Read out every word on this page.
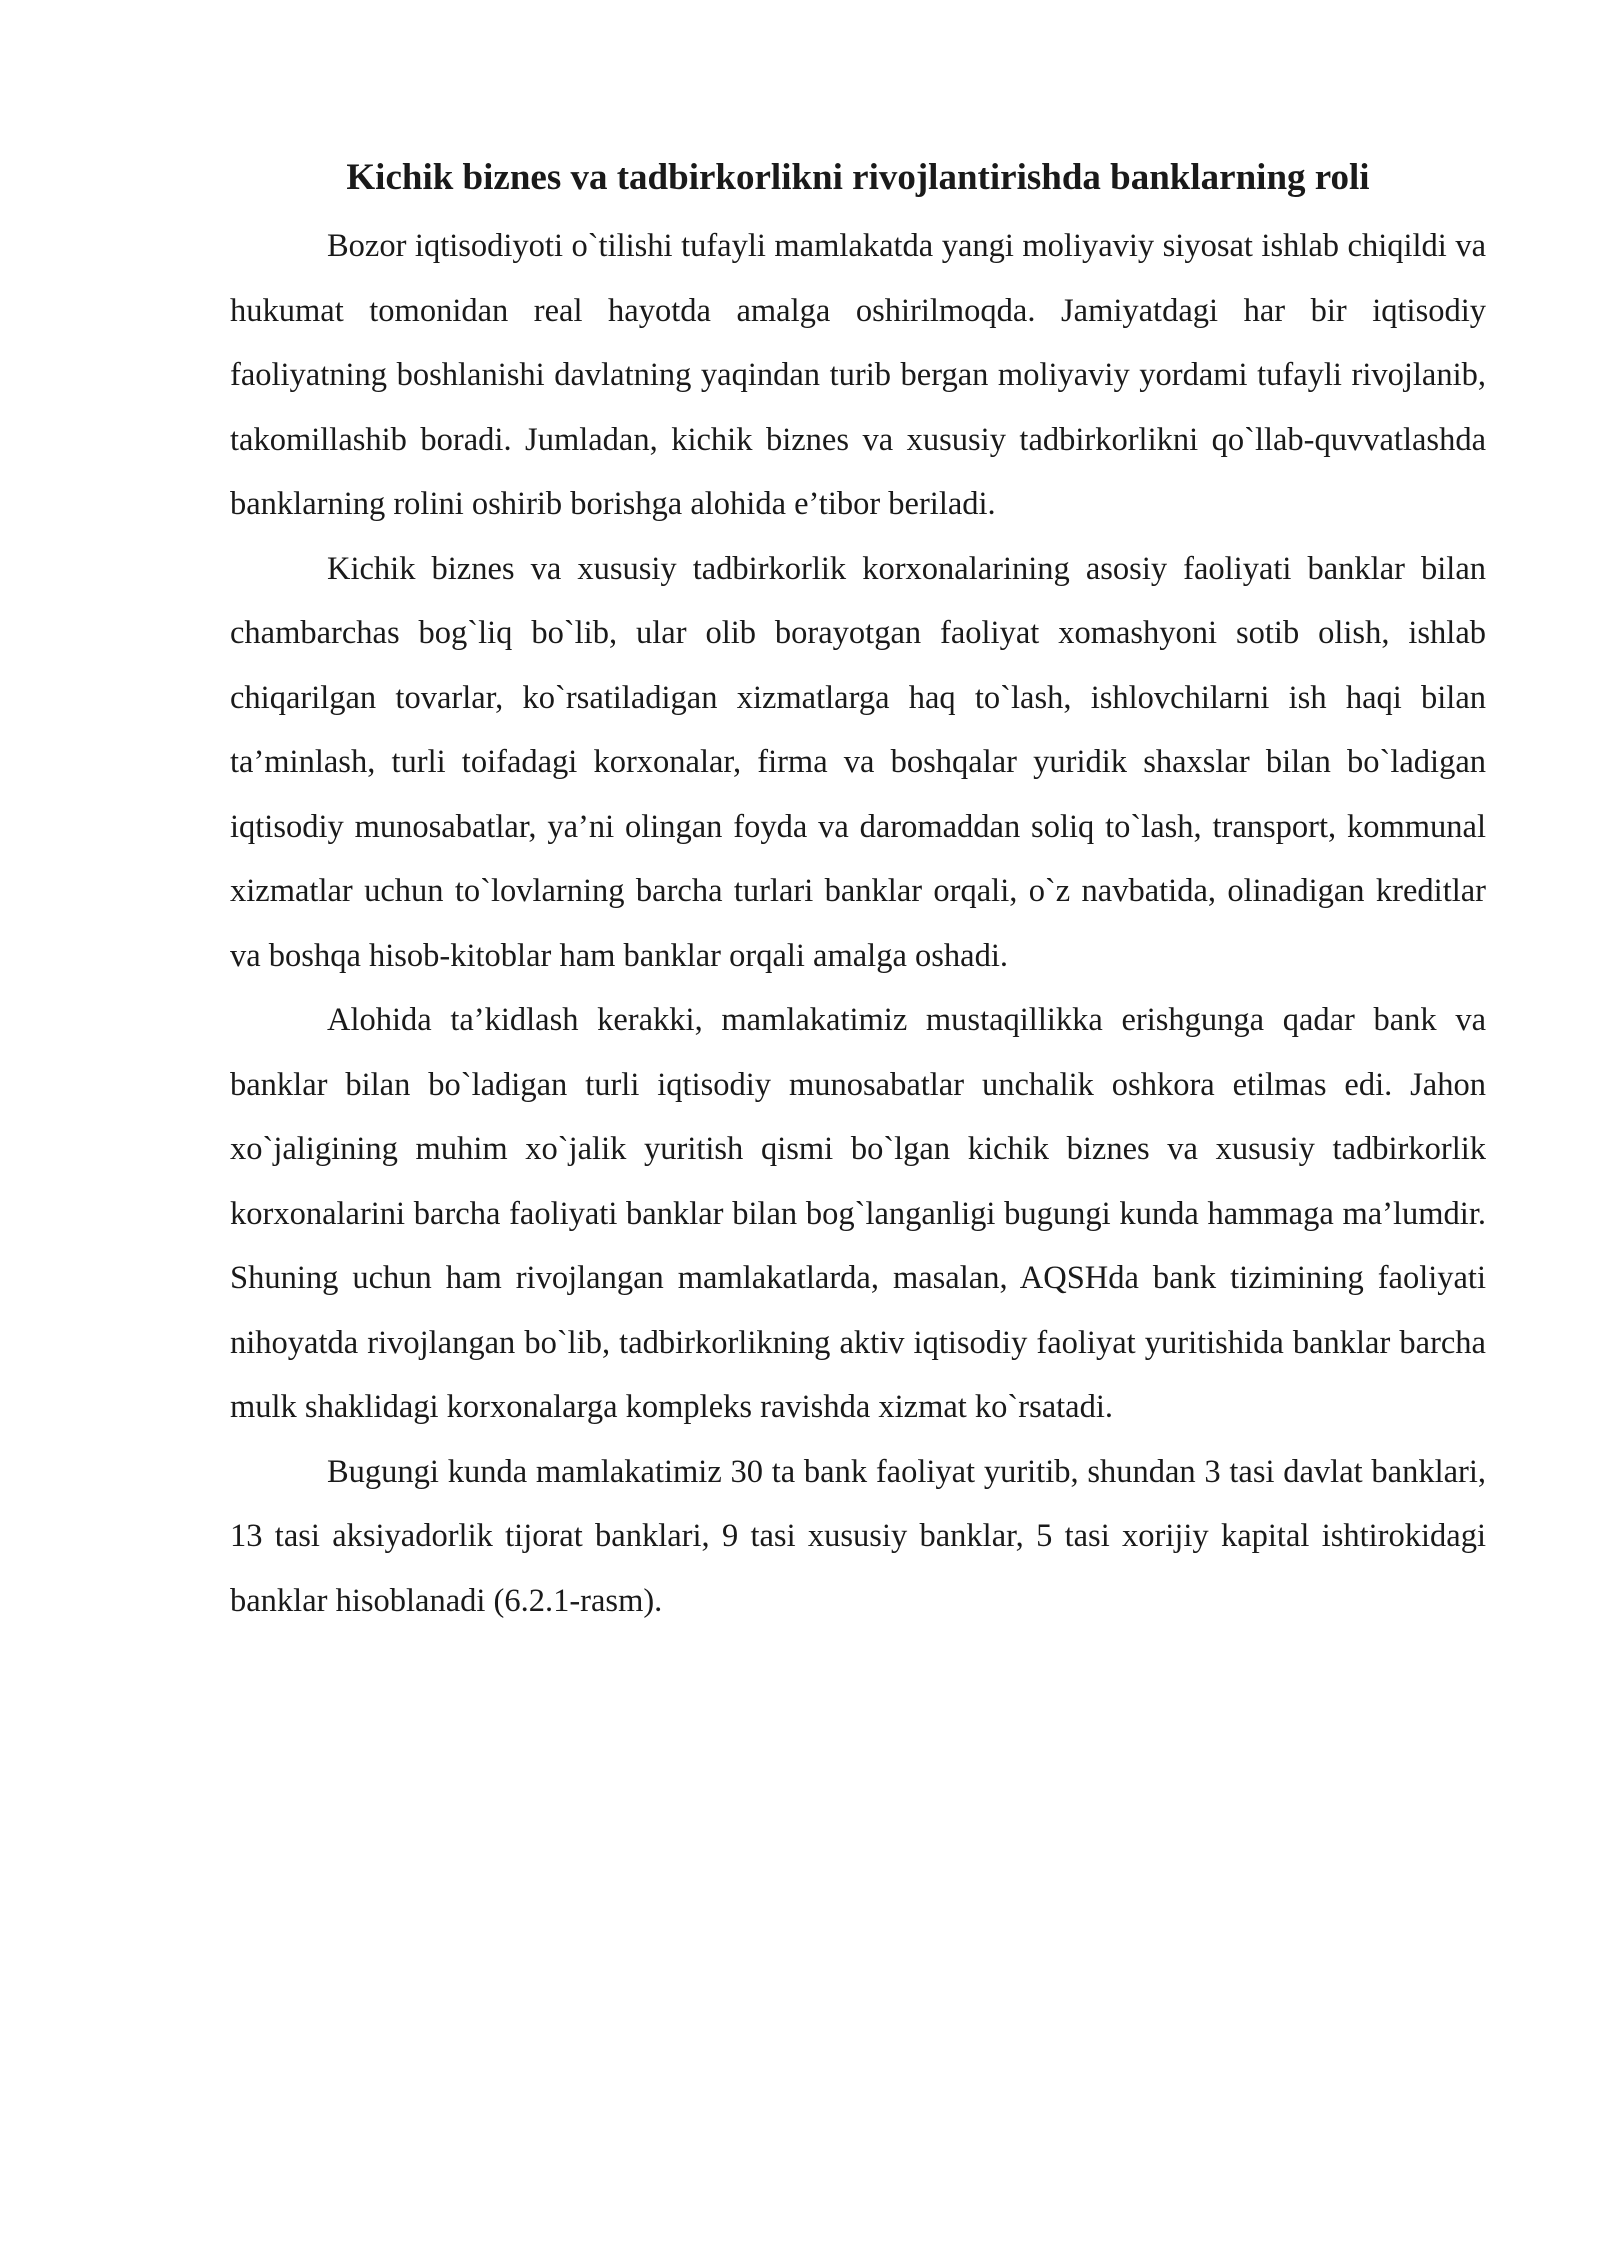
Kichik biznes va tadbirkorlikni rivojlantirishda banklarning roli

Bozor iqtisodiyoti o`tilishi tufayli mamlakatda yangi moliyaviy siyosat ishlab chiqildi va hukumat tomonidan real hayotda amalga oshirilmoqda. Jamiyatdagi har bir iqtisodiy faoliyatning boshlanishi davlatning yaqindan turib bergan moliyaviy yordami tufayli rivojlanib, takomillashib boradi. Jumladan, kichik biznes va xususiy tadbirkorlikni qo`llab-quvvatlashda banklarning rolini oshirib borishga alohida e’tibor beriladi.

Kichik biznes va xususiy tadbirkorlik korxonalarining asosiy faoliyati banklar bilan chambarchas bog`liq bo`lib, ular olib borayotgan faoliyat xomashyoni sotib olish, ishlab chiqarilgan tovarlar, ko`rsatiladigan xizmatlarga haq to`lash, ishlovchilarni ish haqi bilan ta’minlash, turli toifadagi korxonalar, firma va boshqalar yuridik shaxslar bilan bo`ladigan iqtisodiy munosabatlar, ya’ni olingan foyda va daromaddan soliq to`lash, transport, kommunal xizmatlar uchun to`lovlarning barcha turlari banklar orqali, o`z navbatida, olinadigan kreditlar va boshqa hisob-kitoblar ham banklar orqali amalga oshadi.

Alohida ta’kidlash kerakki, mamlakatimiz mustaqillikka erishgunga qadar bank va banklar bilan bo`ladigan turli iqtisodiy munosabatlar unchalik oshkora etilmas edi. Jahon xo`jaligining muhim xo`jalik yuritish qismi bo`lgan kichik biznes va xususiy tadbirkorlik korxonalarini barcha faoliyati banklar bilan bog`langanligi bugungi kunda hammaga ma’lumdir. Shuning uchun ham rivojlangan mamlakatlarda, masalan, AQSHda bank tizimining faoliyati nihoyatda rivojlangan bo`lib, tadbirkorlikning aktiv iqtisodiy faoliyat yuritishida banklar barcha mulk shaklidagi korxonalarga kompleks ravishda xizmat ko`rsatadi.

Bugungi kunda mamlakatimiz 30 ta bank faoliyat yuritib, shundan 3 tasi davlat banklari, 13 tasi aksiyadorlik tijorat banklari, 9 tasi xususiy banklar, 5 tasi xorijiy kapital ishtirokidagi banklar hisoblanadi (6.2.1-rasm).
